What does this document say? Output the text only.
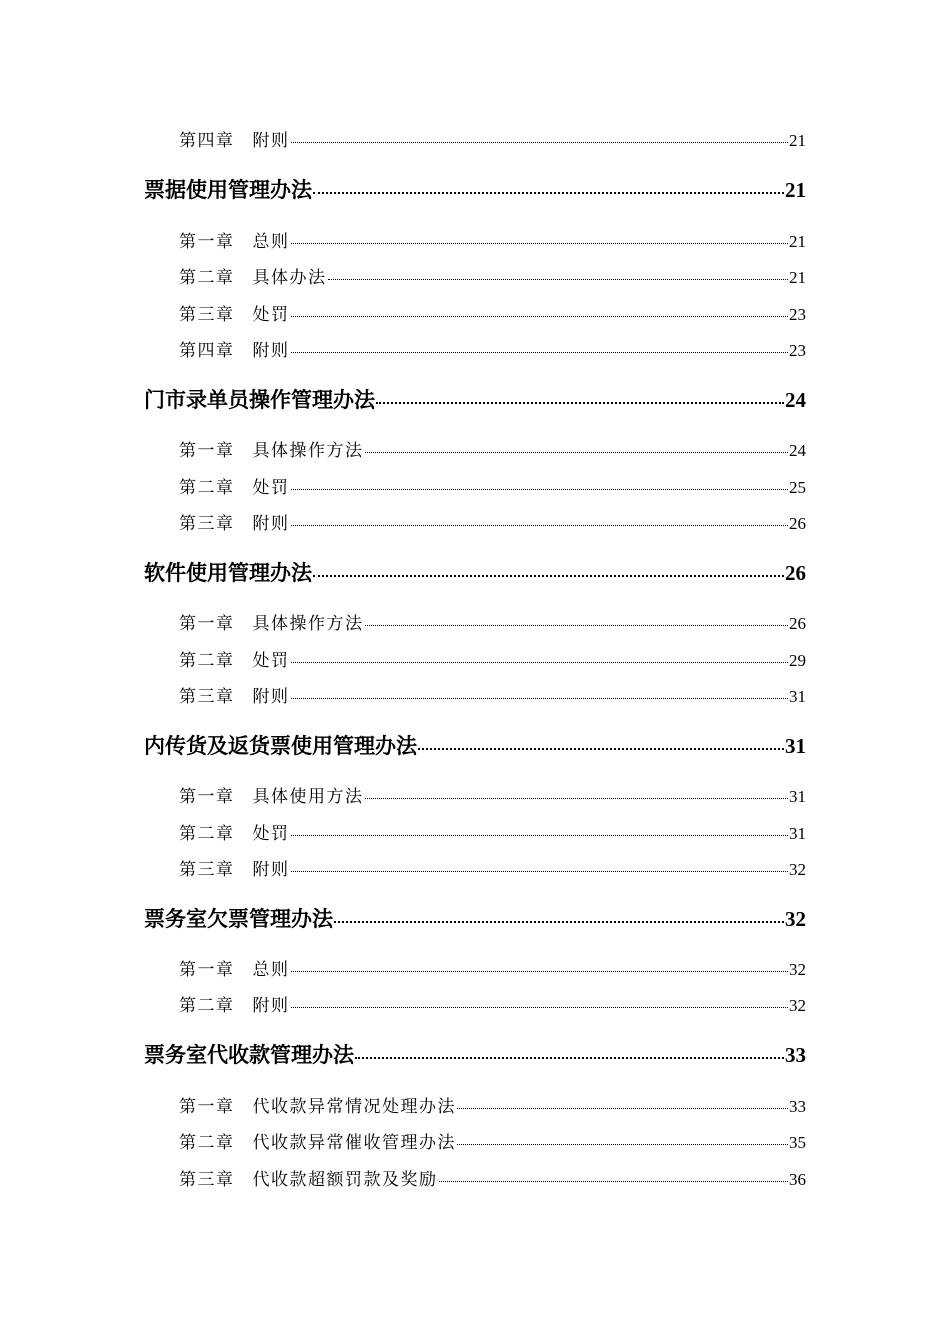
第四章 附则	21
票据使用管理办法	21
第一章 总则	21
第二章 具体办法	21
第三章 处罚	23
第四章 附则	23
门市录单员操作管理办法	24
第一章 具体操作方法	24
第二章 处罚	25
第三章 附则	26
软件使用管理办法	26
第一章 具体操作方法	26
第二章 处罚	29
第三章 附则	31
内传货及返货票使用管理办法	31
第一章 具体使用方法	31
第二章 处罚	31
第三章 附则	32
票务室欠票管理办法	32
第一章 总则	32
第二章 附则	32
票务室代收款管理办法	33
第一章 代收款异常情况处理办法	33
第二章 代收款异常催收管理办法	35
第三章 代收款超额罚款及奖励	36
